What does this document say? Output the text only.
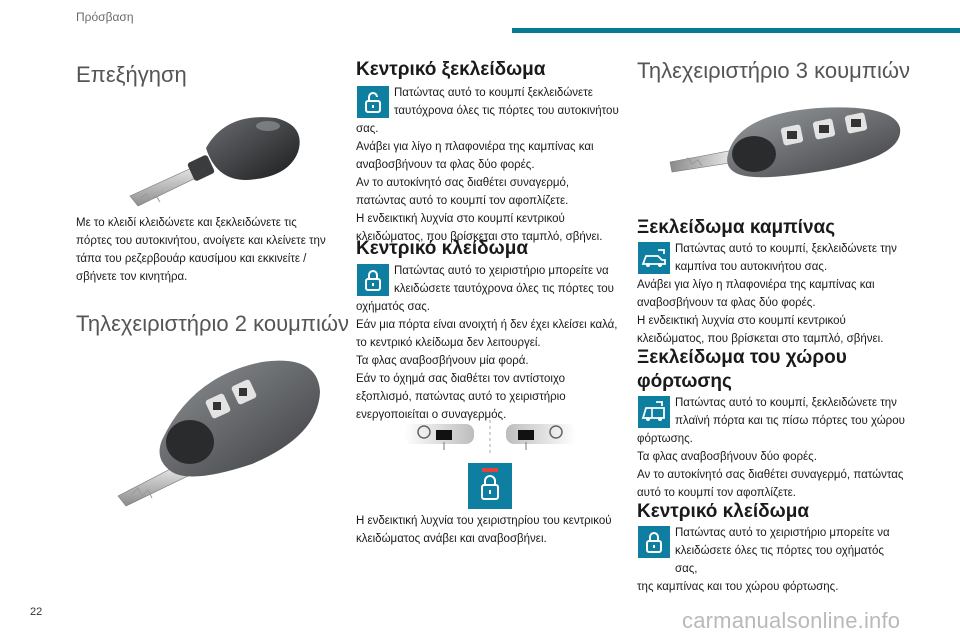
Πρόσβαση
Επεξήγηση
Με το κλειδί κλειδώνετε και ξεκλειδώνετε τις πόρτες του αυτοκινήτου, ανοίγετε και κλείνετε την τάπα του ρεζερβουάρ καυσίμου και εκκινείτε / σβήνετε τον κινητήρα.
Τηλεχειριστήριο 2 κουμπιών
Κεντρικό ξεκλείδωμα
Πατώντας αυτό το κουμπί ξεκλειδώνετε
ταυτόχρονα όλες τις πόρτες του αυτοκινήτου

σας.

Ανάβει για λίγο η πλαφονιέρα της καμπίνας και αναβοσβήνουν τα φλας δύο φορές.

Αν το αυτοκίνητό σας διαθέτει συναγερμό, πατώντας αυτό το κουμπί τον αφοπλίζετε.

Η ενδεικτική λυχνία στο κουμπί κεντρικού κλειδώματος, που βρίσκεται στο ταμπλό, σβήνει.

Κεντρικό κλείδωμα
Πατώντας αυτό το χειριστήριο μπορείτε να
κλειδώσετε ταυτόχρονα όλες τις πόρτες του

οχήματός σας.

Εάν μια πόρτα είναι ανοιχτή ή δεν έχει κλείσει καλά, το κεντρικό κλείδωμα δεν λειτουργεί.

Τα φλας αναβοσβήνουν μία φορά.

Εάν το όχημά σας διαθέτει τον αντίστοιχο εξοπλισμό, πατώντας αυτό το χειριστήριο ενεργοποιείται ο συναγερμός.

Η ενδεικτική λυχνία του χειριστηρίου του κεντρικού κλειδώματος ανάβει και αναβοσβήνει.
Τηλεχειριστήριο 3 κουμπιών
Ξεκλείδωμα καμπίνας
Πατώντας αυτό το κουμπί, ξεκλειδώνετε την
καμπίνα του αυτοκινήτου σας.

Ανάβει για λίγο η πλαφονιέρα της καμπίνας και αναβοσβήνουν τα φλας δύο φορές.

Η ενδεικτική λυχνία στο κουμπί κεντρικού κλειδώματος, που βρίσκεται στο ταμπλό, σβήνει.

Ξεκλείδωμα του χώρου
φόρτωσης
Πατώντας αυτό το κουμπί, ξεκλειδώνετε την
πλαϊνή πόρτα και τις πίσω πόρτες του χώρου

φόρτωσης.

Τα φλας αναβοσβήνουν δύο φορές.

Αν το αυτοκίνητό σας διαθέτει συναγερμό, πατώντας αυτό το κουμπί τον αφοπλίζετε.

Κεντρικό κλείδωμα
Πατώντας αυτό το χειριστήριο μπορείτε να
κλειδώσετε όλες τις πόρτες του οχήματός σας,

της καμπίνας και του χώρου φόρτωσης.

22	carmanualsonline.info
